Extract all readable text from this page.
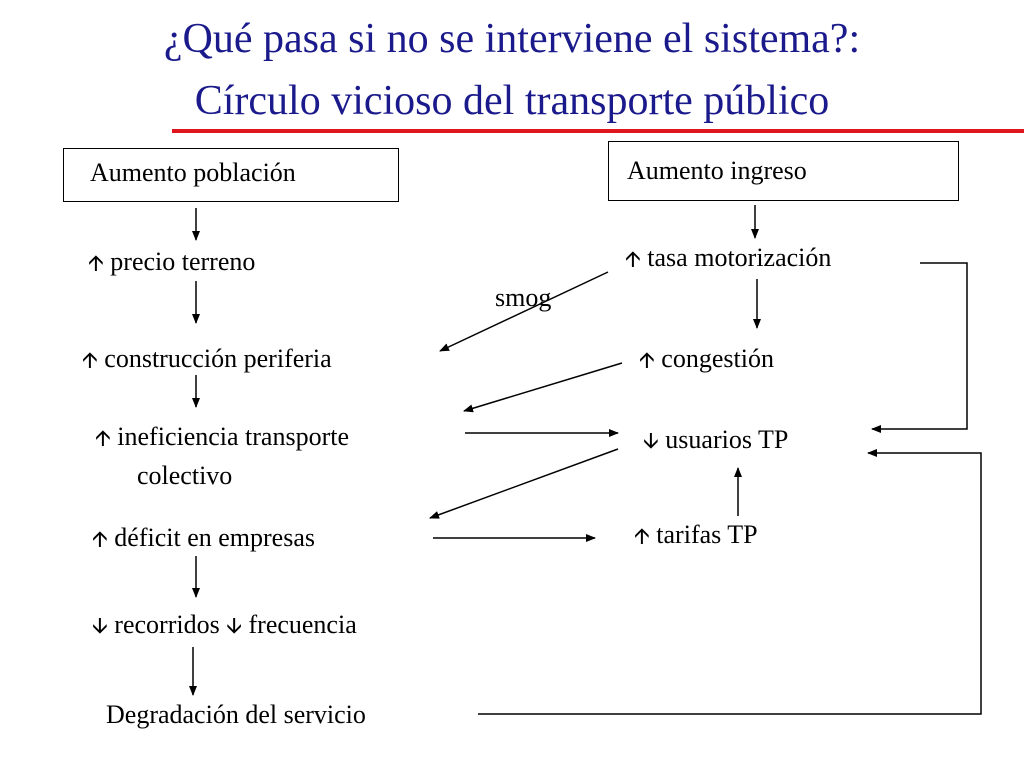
¿Qué pasa si no se interviene el sistema?:
Círculo vicioso del transporte público
Aumento población	Aumento ingreso
🡩 precio terreno
🡩 construcción periferia
🡩 ineficiencia transporte
colectivo
🡩 déficit en empresas
🡫 recorridos 🡫 frecuencia
Degradación del servicio
🡩 tasa motorización
smog
🡩 congestión
🡫 usuarios TP
🡩 tarifas TP
